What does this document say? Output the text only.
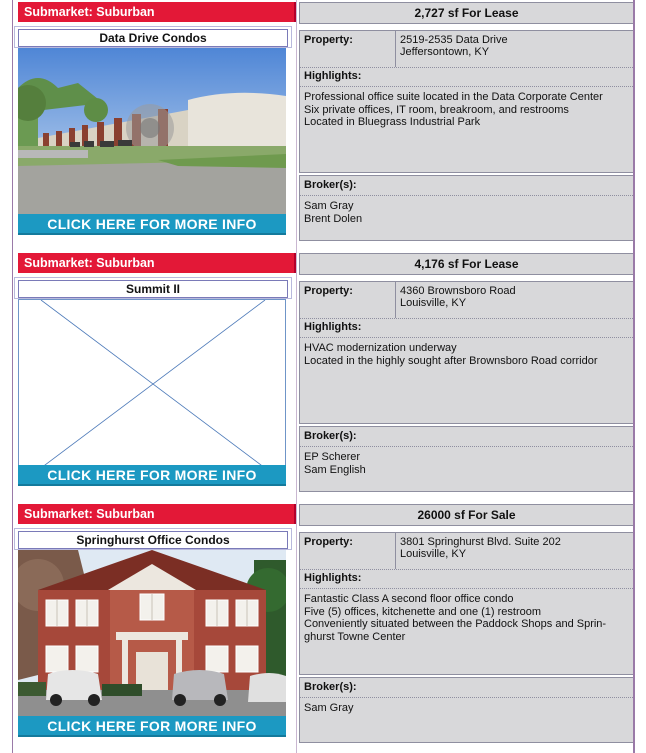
Submarket: Suburban
Data Drive Condos
CLICK HERE FOR MORE INFO
2,727 sf For Lease
Property:	2519-2535 Data Drive
Jeffersontown, KY
Highlights:
Professional office suite located in the Data Corporate Center
Six private offices, IT room, breakroom, and restrooms
Located in Bluegrass Industrial Park
Broker(s):
Sam Gray
Brent Dolen
Submarket: Suburban
Summit II
CLICK HERE FOR MORE INFO
4,176 sf For Lease
Property:	4360 Brownsboro Road
Louisville, KY
Highlights:
HVAC modernization underway
Located in the highly sought after Brownsboro Road corridor
Broker(s):
EP Scherer
Sam English
Submarket: Suburban
Springhurst Office Condos
CLICK HERE FOR MORE INFO
26000 sf For Sale
Property:	3801 Springhurst Blvd. Suite 202
Louisville, KY
Highlights:
Fantastic Class A second floor office condo
Five (5) offices, kitchenette and one (1) restroom
Conveniently situated between the Paddock Shops and Sprin-
ghurst Towne Center
Broker(s):
Sam Gray
